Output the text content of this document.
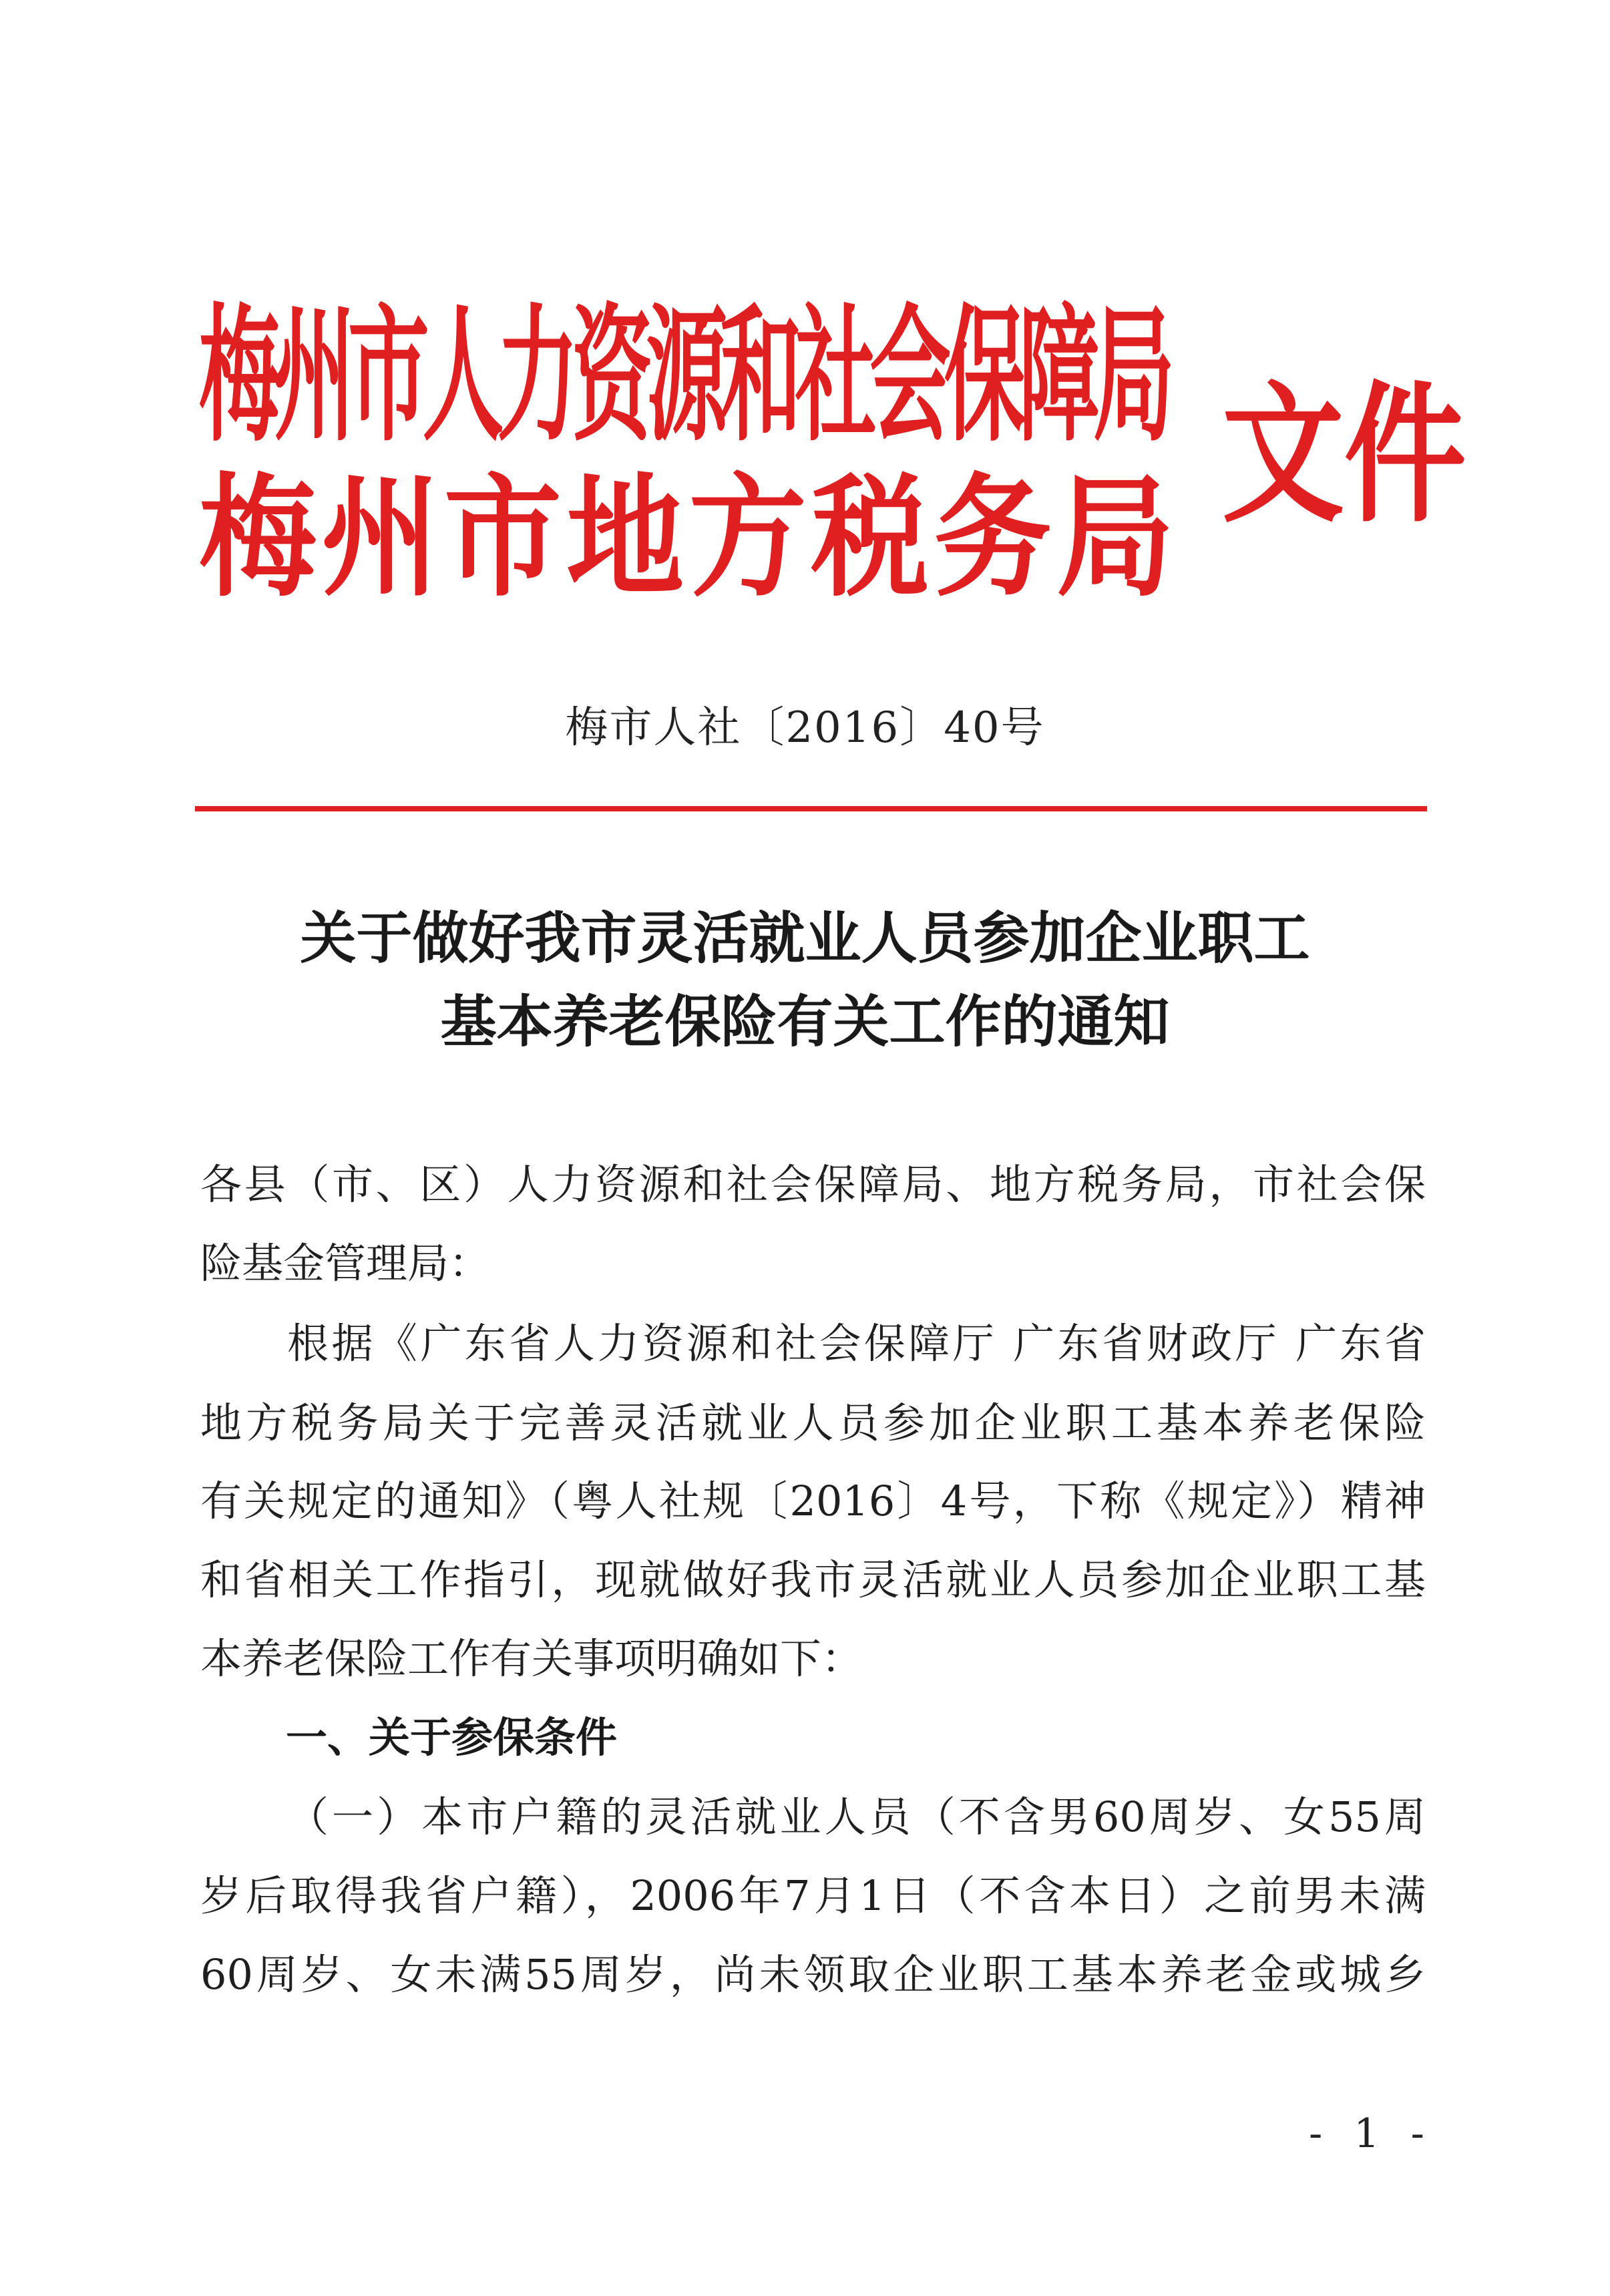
梅州市人力资源和社会保障局
梅 州 市 地 方 税 务 局 文件
梅市人社〔2016〕40号
关于做好我市灵活就业人员参加企业职工
基本养老保险有关工作的通知
各县（市、区）人力资源和社会保障局、地方税务局，市社会保
险基金管理局：
根据《广东省人力资源和社会保障厅 广东省财政厅 广东省
地方税务局关于完善灵活就业人员参加企业职工基本养老保险
有关规定的通知》（粤人社规〔2016〕4号，下称《规定》）精神
和省相关工作指引，现就做好我市灵活就业人员参加企业职工基
本养老保险工作有关事项明确如下：
一、关于参保条件
（一）本市户籍的灵活就业人员（不含男60周岁、女55周
岁后取得我省户籍），2006年7月1日（不含本日）之前男未满
60周岁、女未满55周岁，尚未领取企业职工基本养老金或城乡
- 1 -
